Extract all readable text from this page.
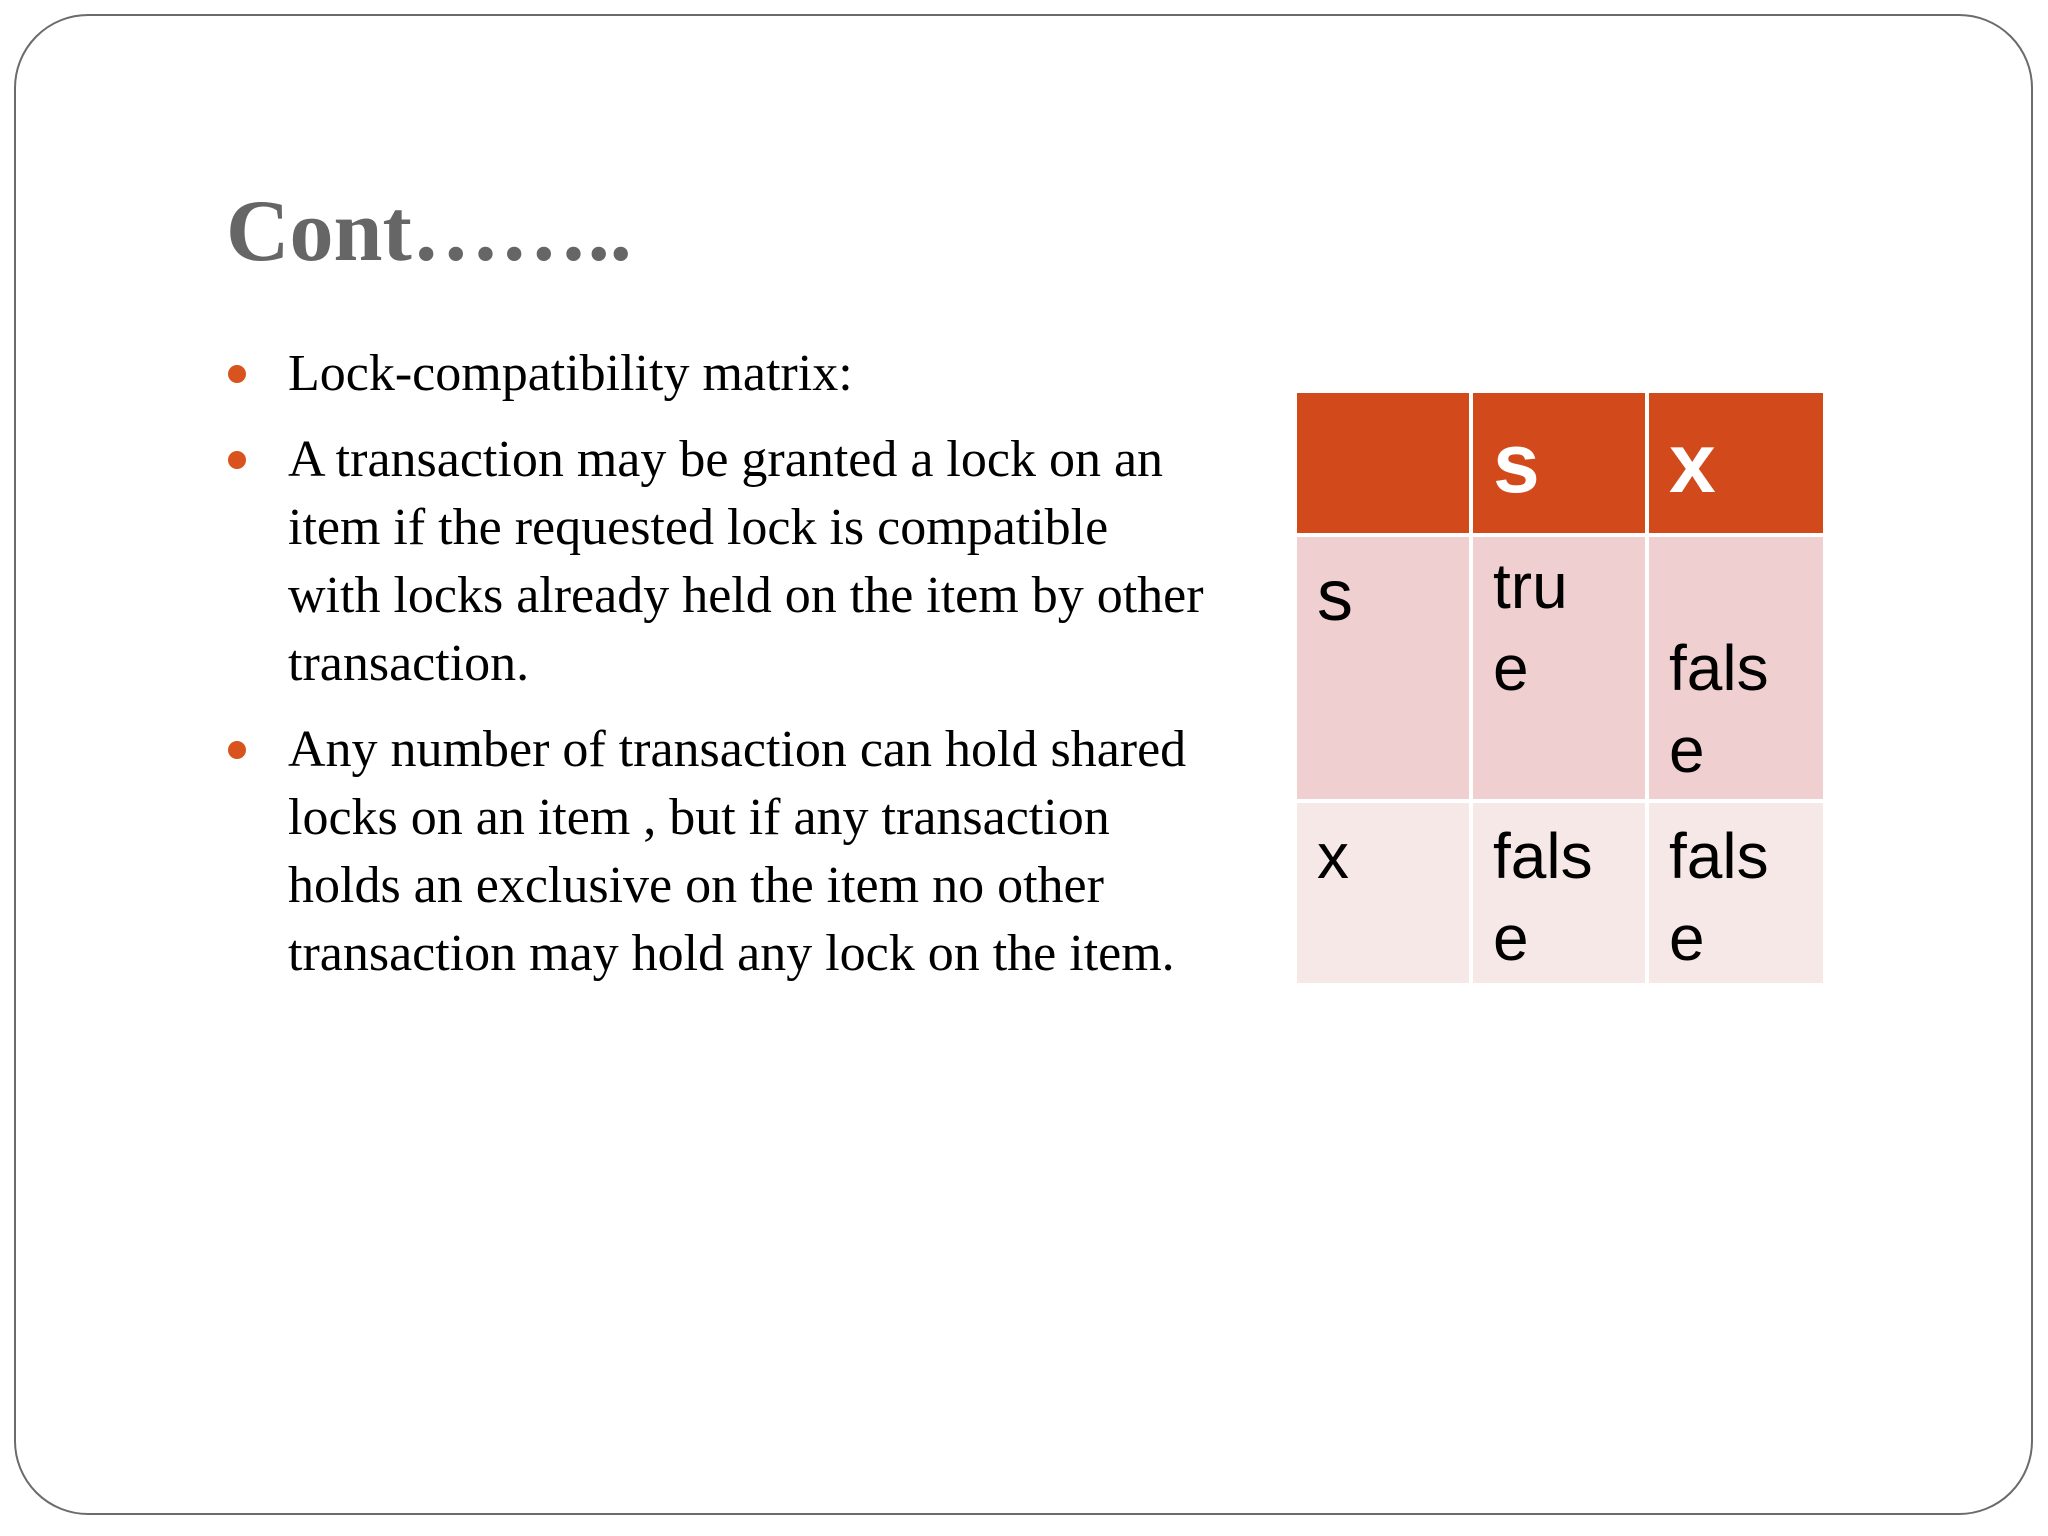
Cont……..
Lock-compatibility matrix:
A transaction may be granted a lock on an item if the requested lock is compatible with locks already held on the item by other transaction.
Any number of transaction can hold shared locks on an item , but if any transaction holds an exclusive on the item no other transaction may hold any lock on the item.
	s	x
s	true	false

x	false	false
